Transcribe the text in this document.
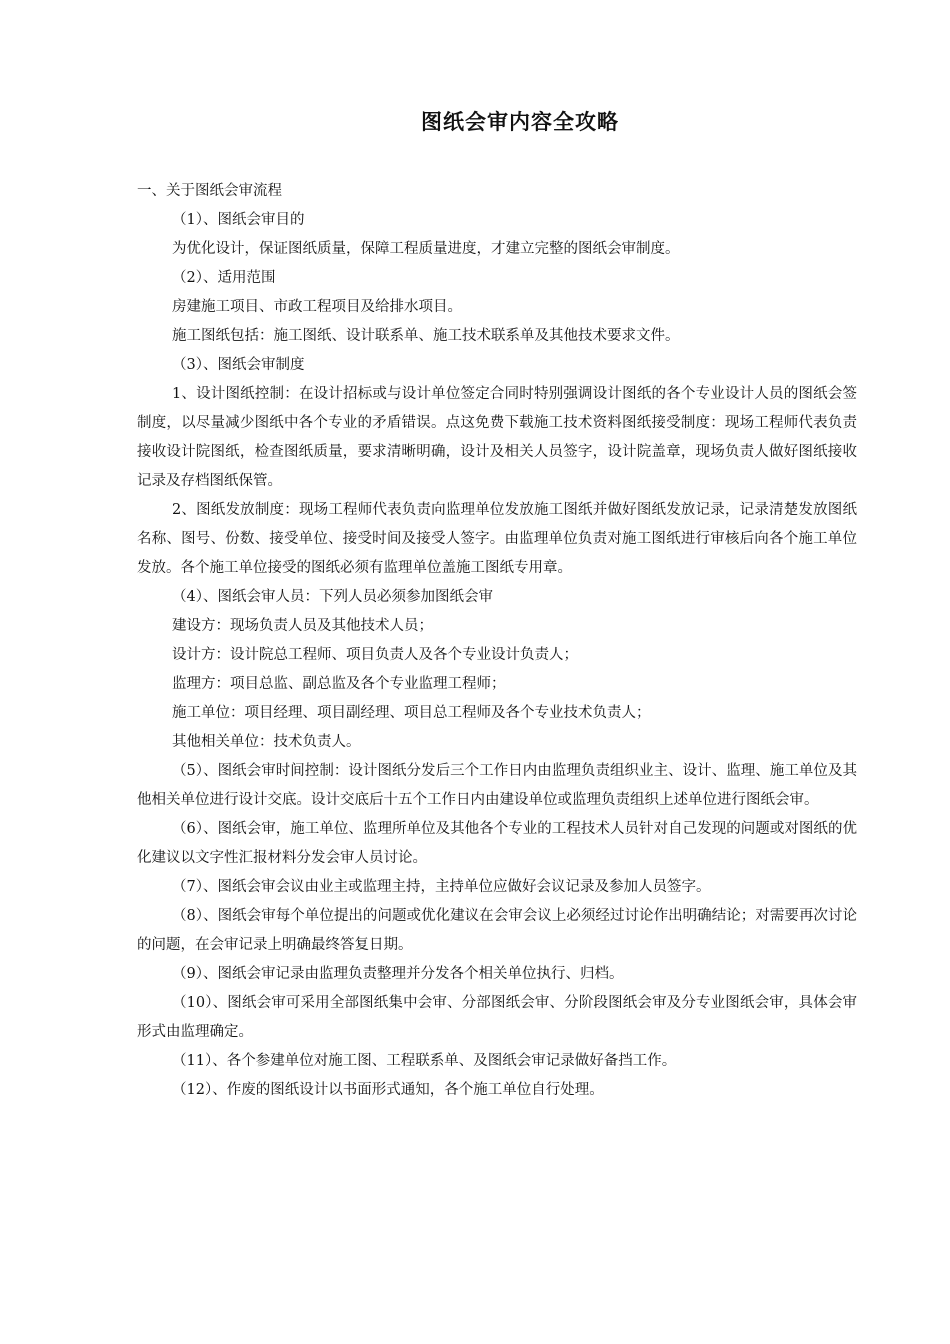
图纸会审内容全攻略

一、关于图纸会审流程

（1）、图纸会审目的

为优化设计，保证图纸质量，保障工程质量进度，才建立完整的图纸会审制度。

（2）、适用范围

房建施工项目、市政工程项目及给排水项目。

施工图纸包括：施工图纸、设计联系单、施工技术联系单及其他技术要求文件。

（3）、图纸会审制度

1、设计图纸控制：在设计招标或与设计单位签定合同时特别强调设计图纸的各个专业设计人员的图纸会签制度，以尽量减少图纸中各个专业的矛盾错误。点这免费下载施工技术资料图纸接受制度：现场工程师代表负责接收设计院图纸，检查图纸质量，要求清晰明确，设计及相关人员签字，设计院盖章，现场负责人做好图纸接收记录及存档图纸保管。

2、图纸发放制度：现场工程师代表负责向监理单位发放施工图纸并做好图纸发放记录，记录清楚发放图纸名称、图号、份数、接受单位、接受时间及接受人签字。由监理单位负责对施工图纸进行审核后向各个施工单位发放。各个施工单位接受的图纸必须有监理单位盖施工图纸专用章。

（4）、图纸会审人员：下列人员必须参加图纸会审

建设方：现场负责人员及其他技术人员；

设计方：设计院总工程师、项目负责人及各个专业设计负责人；

监理方：项目总监、副总监及各个专业监理工程师；

施工单位：项目经理、项目副经理、项目总工程师及各个专业技术负责人；

其他相关单位：技术负责人。

（5）、图纸会审时间控制：设计图纸分发后三个工作日内由监理负责组织业主、设计、监理、施工单位及其他相关单位进行设计交底。设计交底后十五个工作日内由建设单位或监理负责组织上述单位进行图纸会审。

（6）、图纸会审，施工单位、监理所单位及其他各个专业的工程技术人员针对自己发现的问题或对图纸的优化建议以文字性汇报材料分发会审人员讨论。

（7）、图纸会审会议由业主或监理主持，主持单位应做好会议记录及参加人员签字。

（8）、图纸会审每个单位提出的问题或优化建议在会审会议上必须经过讨论作出明确结论；对需要再次讨论的问题，在会审记录上明确最终答复日期。

（9）、图纸会审记录由监理负责整理并分发各个相关单位执行、归档。

（10）、图纸会审可采用全部图纸集中会审、分部图纸会审、分阶段图纸会审及分专业图纸会审，具体会审形式由监理确定。

（11）、各个参建单位对施工图、工程联系单、及图纸会审记录做好备挡工作。

（12）、作废的图纸设计以书面形式通知，各个施工单位自行处理。
